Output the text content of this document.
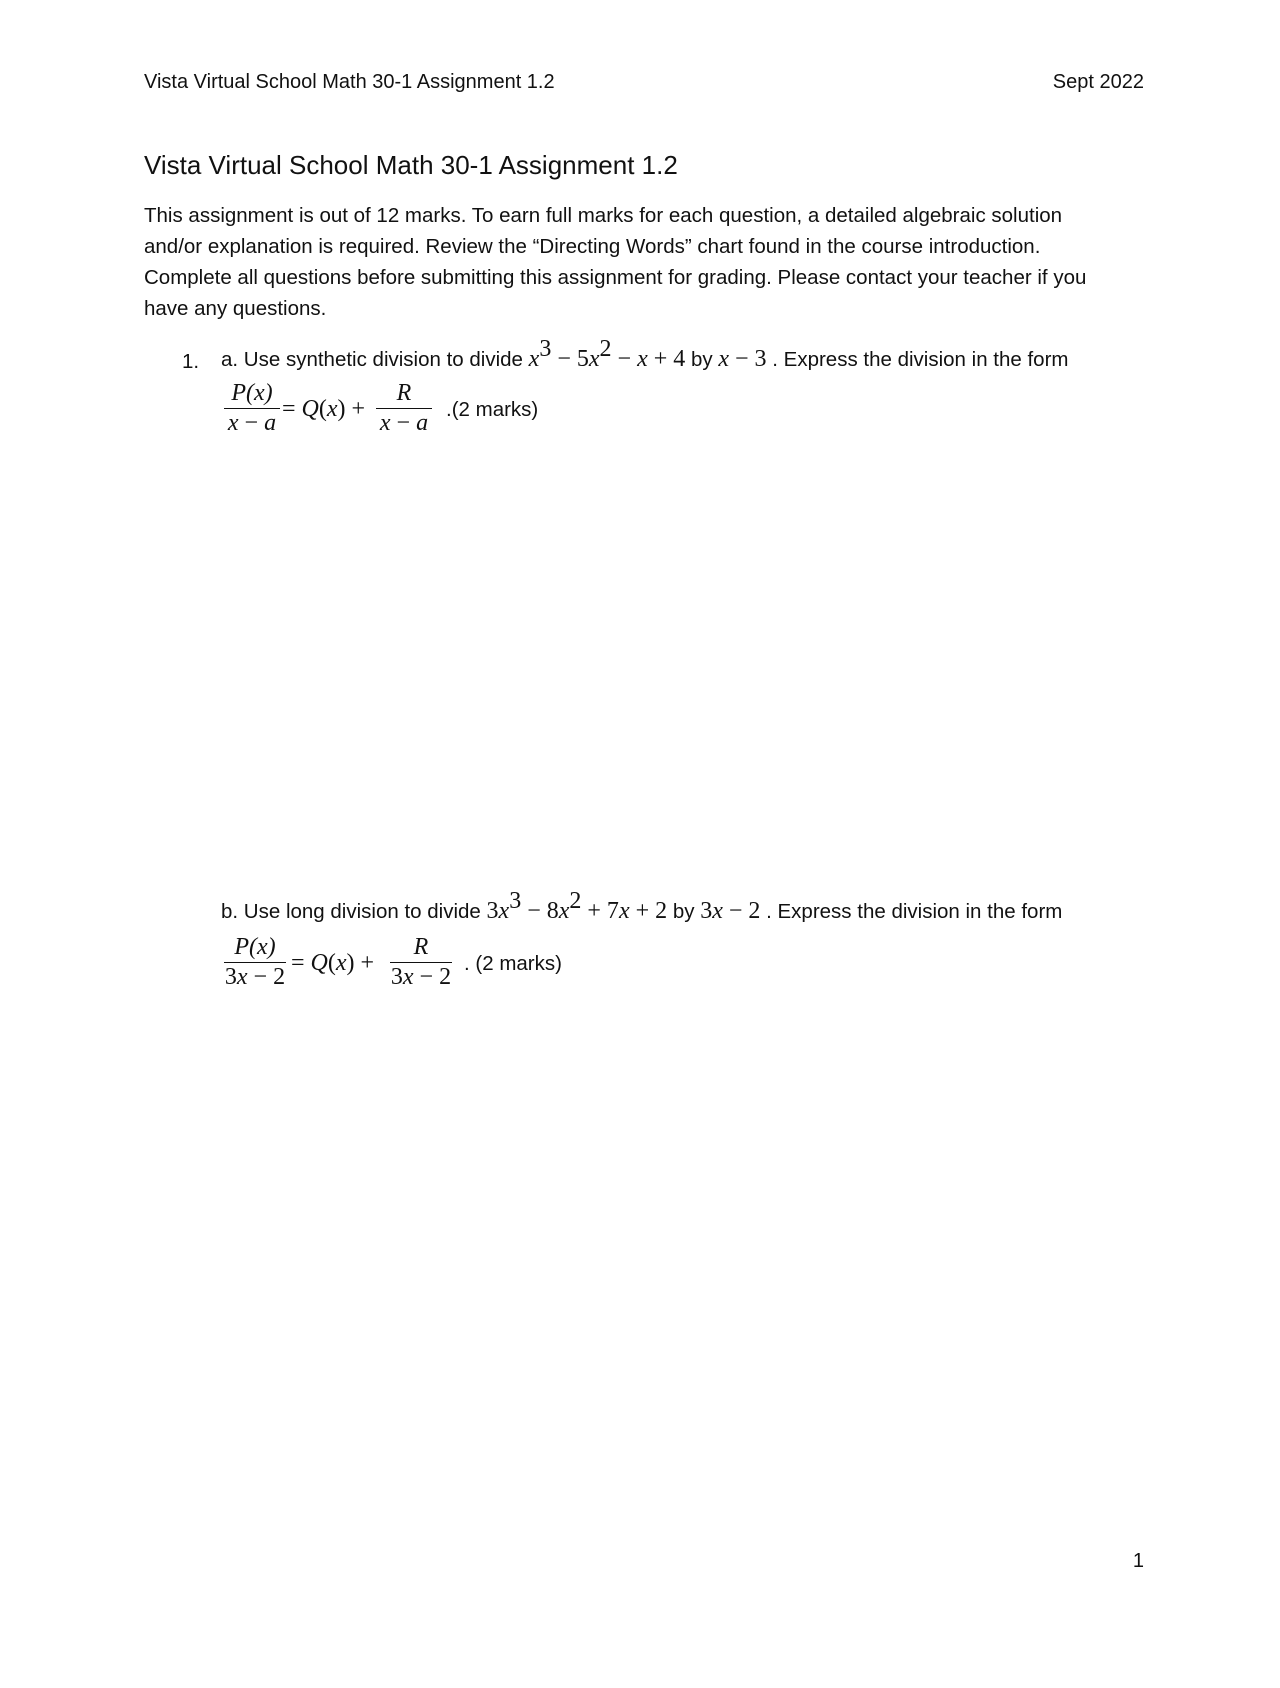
Vista Virtual School Math 30-1 Assignment 1.2	Sept 2022
Vista Virtual School Math 30-1 Assignment 1.2
This assignment is out of 12 marks. To earn full marks for each question, a detailed algebraic solution
and/or explanation is required. Review the “Directing Words” chart found in the course introduction.
Complete all questions before submitting this assignment for grading. Please contact your teacher if you
have any questions.
1. a. Use synthetic division to divide $x^3 - 5x^2 - x + 4$ by x − 3 . Express the division in the form
P(x)
x − a
= Q(x) +
R
x − a
.(2 marks)
b. Use long division to divide $3x^3 - 8x^2 + 7x + 2$ by 3x − 2 . Express the division in the form
P(x)
3x − 2
= Q(x) +
R
3x − 2
. (2 marks)
1
